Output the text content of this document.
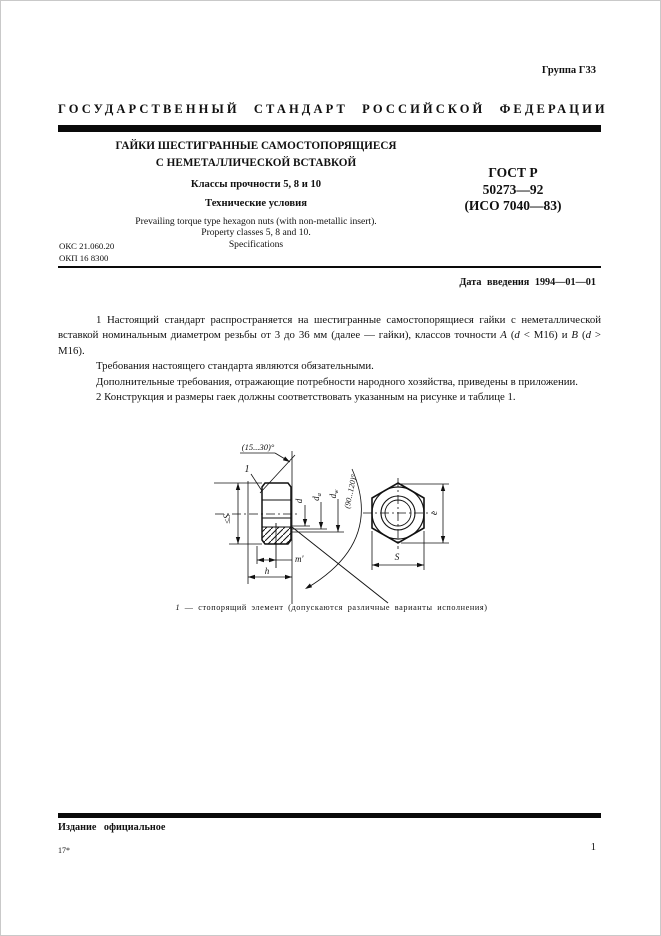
Группа Г33
ГОСУДАРСТВЕННЫЙ СТАНДАРТ РОССИЙСКОЙ ФЕДЕРАЦИИ
ГАЙКИ ШЕСТИГРАННЫЕ САМОСТОПОРЯЩИЕСЯ
С НЕМЕТАЛЛИЧЕСКОЙ ВСТАВКОЙ
Классы прочности 5, 8 и 10
Технические условия
Prevailing torque type hexagon nuts (with non-metallic insert).
Property classes 5, 8 and 10.
Specifications
ГОСТ Р
50273—92
(ИСО 7040—83)
ОКС 21.060.20
ОКП 16 8300
Дата введения 1994—01—01

1 Настоящий стандарт распространяется на шестигранные самостопорящиеся гайки с неметаллической вставкой номинальным диаметром резьбы от 3 до 36 мм (далее — гайки), классов точности А (d < М16) и В (d > М16).

Требования настоящего стандарта являются обязательными.

Дополнительные требования, отражающие потребности народного хозяйства, приведены в приложении.

2 Конструкция и размеры гаек должны соответствовать указанным на рисунке и таблице 1.

(15...30)°
1
≤S
d
$d_a$ $d_w$ (90...120)°
m'
h
e
S
1 — стопорящий элемент (допускаются различные варианты исполнения)
Издание официальное
17*	1
